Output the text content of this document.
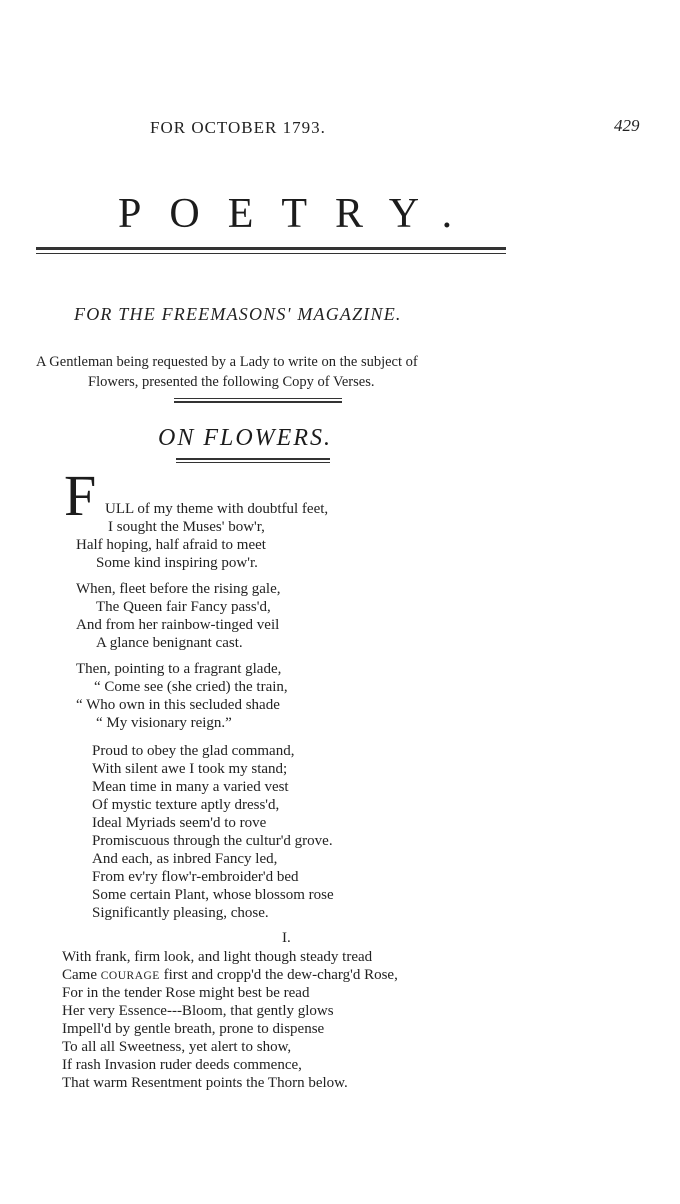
FOR OCTOBER 1793.	429
POETRY.
FOR THE FREEMASONS' MAGAZINE.
A Gentleman being requested by a Lady to write on the subject of
Flowers, presented the following Copy of Verses.
ON FLOWERS.
F ULL of my theme with doubtful feet,
I sought the Muses' bow'r,
Half hoping, half afraid to meet
Some kind inspiring pow'r.
When, fleet before the rising gale,
The Queen fair Fancy pass'd,
And from her rainbow-tinged veil
A glance benignant cast.
Then, pointing to a fragrant glade,
“ Come see (she cried) the train,
“ Who own in this secluded shade
“ My visionary reign.”
Proud to obey the glad command,
With silent awe I took my stand;
Mean time in many a varied vest
Of mystic texture aptly dress'd,
Ideal Myriads seem'd to rove
Promiscuous through the cultur'd grove.
And each, as inbred Fancy led,
From ev'ry flow'r-embroider'd bed
Some certain Plant, whose blossom rose
Significantly pleasing, chose.
I.
With frank, firm look, and light though steady tread
Came COURAGE first and cropp'd the dew-charg'd Rose,
For in the tender Rose might best be read
Her very Essence---Bloom, that gently glows
Impell'd by gentle breath, prone to dispense
To all all Sweetness, yet alert to show,
If rash Invasion ruder deeds commence,
That warm Resentment points the Thorn below.
